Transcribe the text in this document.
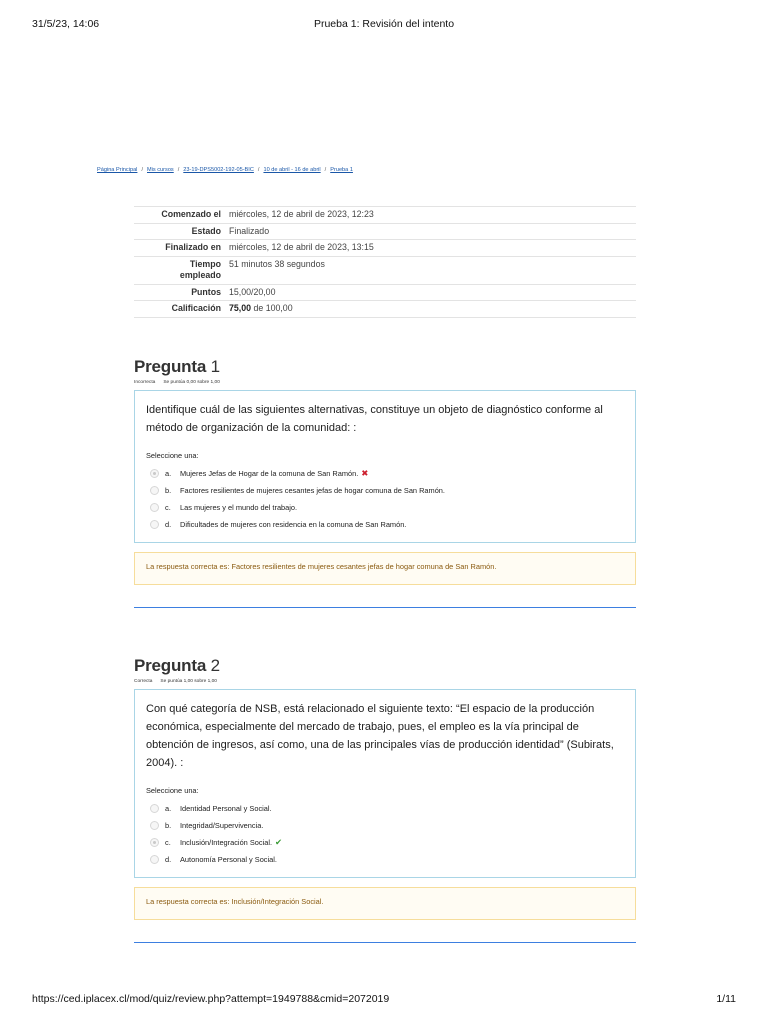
31/5/23, 14:06	Prueba 1: Revisión del intento
Página Principal / Mis cursos / 23-19-DPS5002-192-05-BIC / 10 de abril - 16 de abril / Prueba 1
Comenzado el	miércoles, 12 de abril de 2023, 12:23
Estado	Finalizado
Finalizado en	miércoles, 12 de abril de 2023, 13:15
Tiempo
empleado	51 minutos 38 segundos
Puntos	15,00/20,00
Calificación	75,00 de 100,00
Pregunta 1
Incorrecta Se puntúa 0,00 sobre 1,00

Identifique cuál de las siguientes alternativas, constituye un objeto de diagnóstico conforme al método de organización de la comunidad: :

Seleccione una:
a. Mujeres Jefas de Hogar de la comuna de San Ramón. ✖
b. Factores resilientes de mujeres cesantes jefas de hogar comuna de San Ramón.
c. Las mujeres y el mundo del trabajo.
d. Dificultades de mujeres con residencia en la comuna de San Ramón.
La respuesta correcta es: Factores resilientes de mujeres cesantes jefas de hogar comuna de San Ramón.
Pregunta 2
Correcta Se puntúa 1,00 sobre 1,00

Con qué categoría de NSB, está relacionado el siguiente texto: “El espacio de la producción económica, especialmente del mercado de trabajo, pues, el empleo es la vía principal de obtención de ingresos, así como, una de las principales vías de producción identidad” (Subirats, 2004). :

Seleccione una:
a. Identidad Personal y Social.
b. Integridad/Supervivencia.
c. Inclusión/Integración Social. ✔
d. Autonomía Personal y Social.
La respuesta correcta es: Inclusión/Integración Social.
https://ced.iplacex.cl/mod/quiz/review.php?attempt=1949788&cmid=2072019	1/11
